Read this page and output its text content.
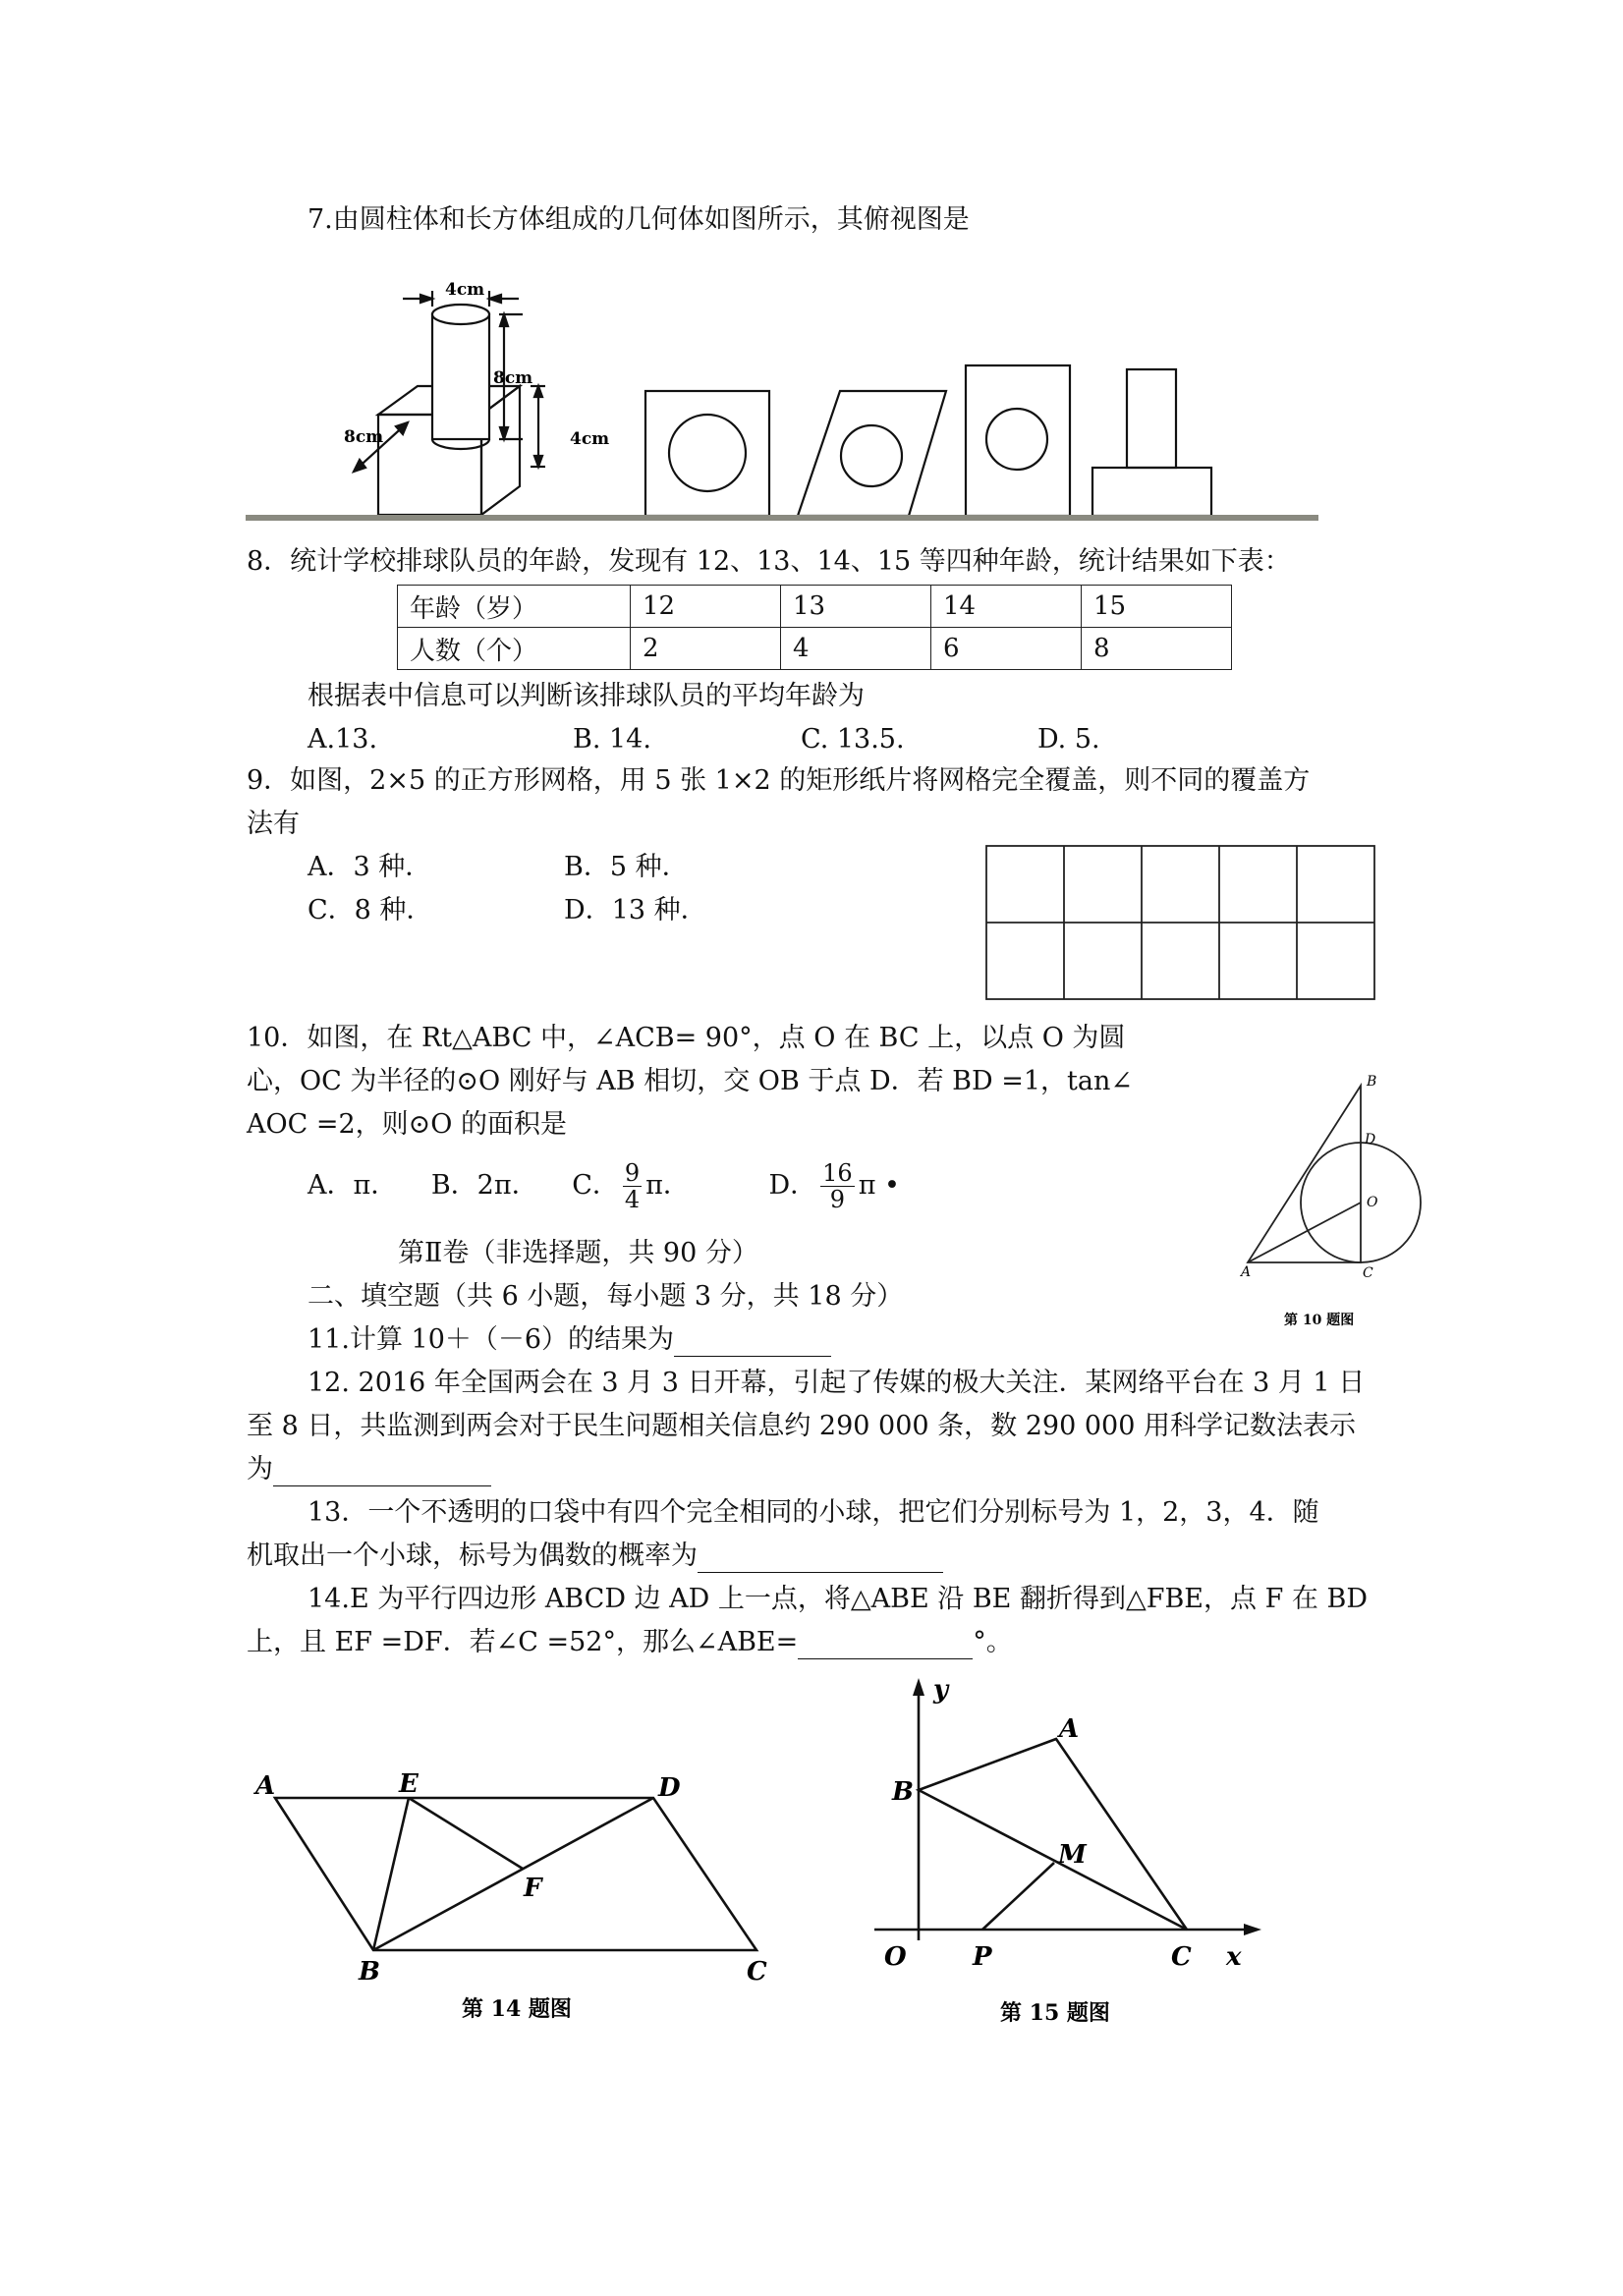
7.由圆柱体和长方体组成的几何体如图所示，其俯视图是
4cm
8cm
8cm	4cm
8．统计学校排球队员的年龄，发现有 12、13、14、15 等四种年龄，统计结果如下表：
年龄（岁）	12	13	14	15
人数（个）	2	4	6	8
根据表中信息可以判断该排球队员的平均年龄为
A.13.	B. 14.	C. 13.5.	D. 5.
9．如图，2×5 的正方形网格，用 5 张 1×2 的矩形纸片将网格完全覆盖，则不同的覆盖方
法有
A．3 种．	B．5 种．
C．8 种．	D．13 种．
10．如图，在 Rt△ABC 中，∠ACB= 90°，点 O 在 BC 上，以点 O 为圆
心，OC 为半径的⊙O 刚好与 AB 相切，交 OB 于点 D．若 BD =1，tan∠
AOC =2，则⊙O 的面积是
A．π． B．2π． C． $\frac{9}{4}$ π．	D． $\frac{16}{9}$ π •
A
B
C
D
O
第 10 题图
第Ⅱ卷（非选择题，共 90 分）
二、填空题（共 6 小题，每小题 3 分，共 18 分）
11.计算 10＋（－6）的结果为
12. 2016 年全国两会在 3 月 3 日开幕，引起了传媒的极大关注．某网络平台在 3 月 1 日
至 8 日，共监测到两会对于民生问题相关信息约 290 000 条，数 290 000 用科学记数法表示
为
13．一个不透明的口袋中有四个完全相同的小球，把它们分别标号为 1，2，3，4．随
机取出一个小球，标号为偶数的概率为
14.E 为平行四边形 ABCD 边 AD 上一点，将△ABE 沿 BE 翻折得到△FBE，点 F 在 BD
上，且 EF =DF．若∠C =52°，那么∠ABE=	°。
A	E	D
F
B	C
第 14 题图
y
A
B
M
O	P	C x
第 15 题图
